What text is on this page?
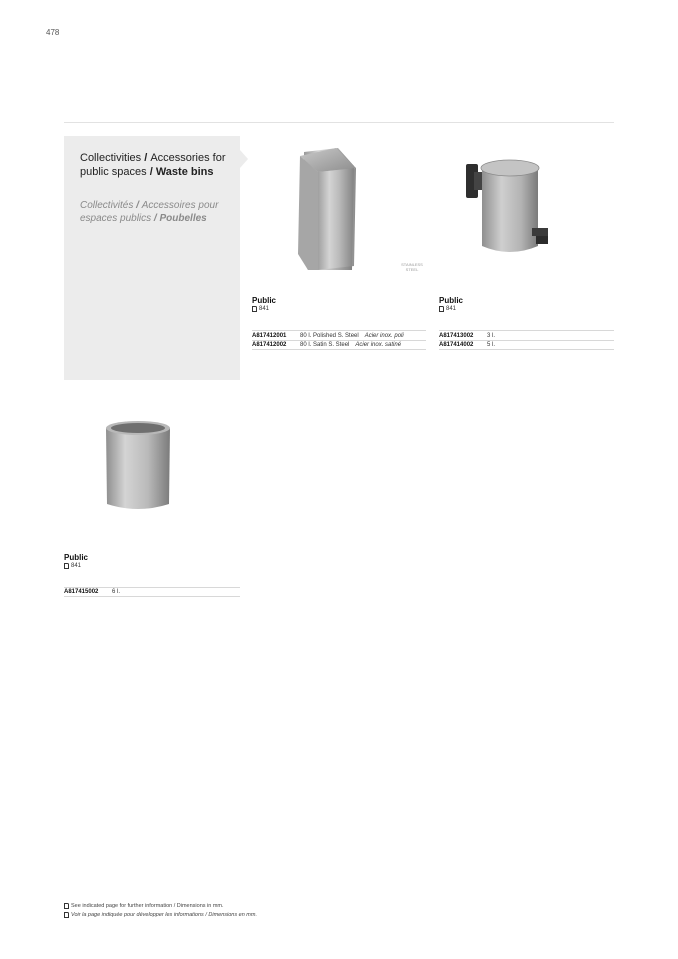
478
Collectivities / Accessories for public spaces / Waste bins
Collectivités / Accessoires pour espaces publics / Poubelles
STAINLESS STEEL
Public
841
A817412001	80 l. Polished S. Steel Acier inox. poli
A817412002	80 l. Satin S. Steel Acier inox. satiné
Public
841
A817413002	3 l.
A817414002	5 l.
Public
841
A817415002	6 l.
See indicated page for further information / Dimensions in mm.
Voir la page indiquée pour développer les informations / Dimensions en mm.
